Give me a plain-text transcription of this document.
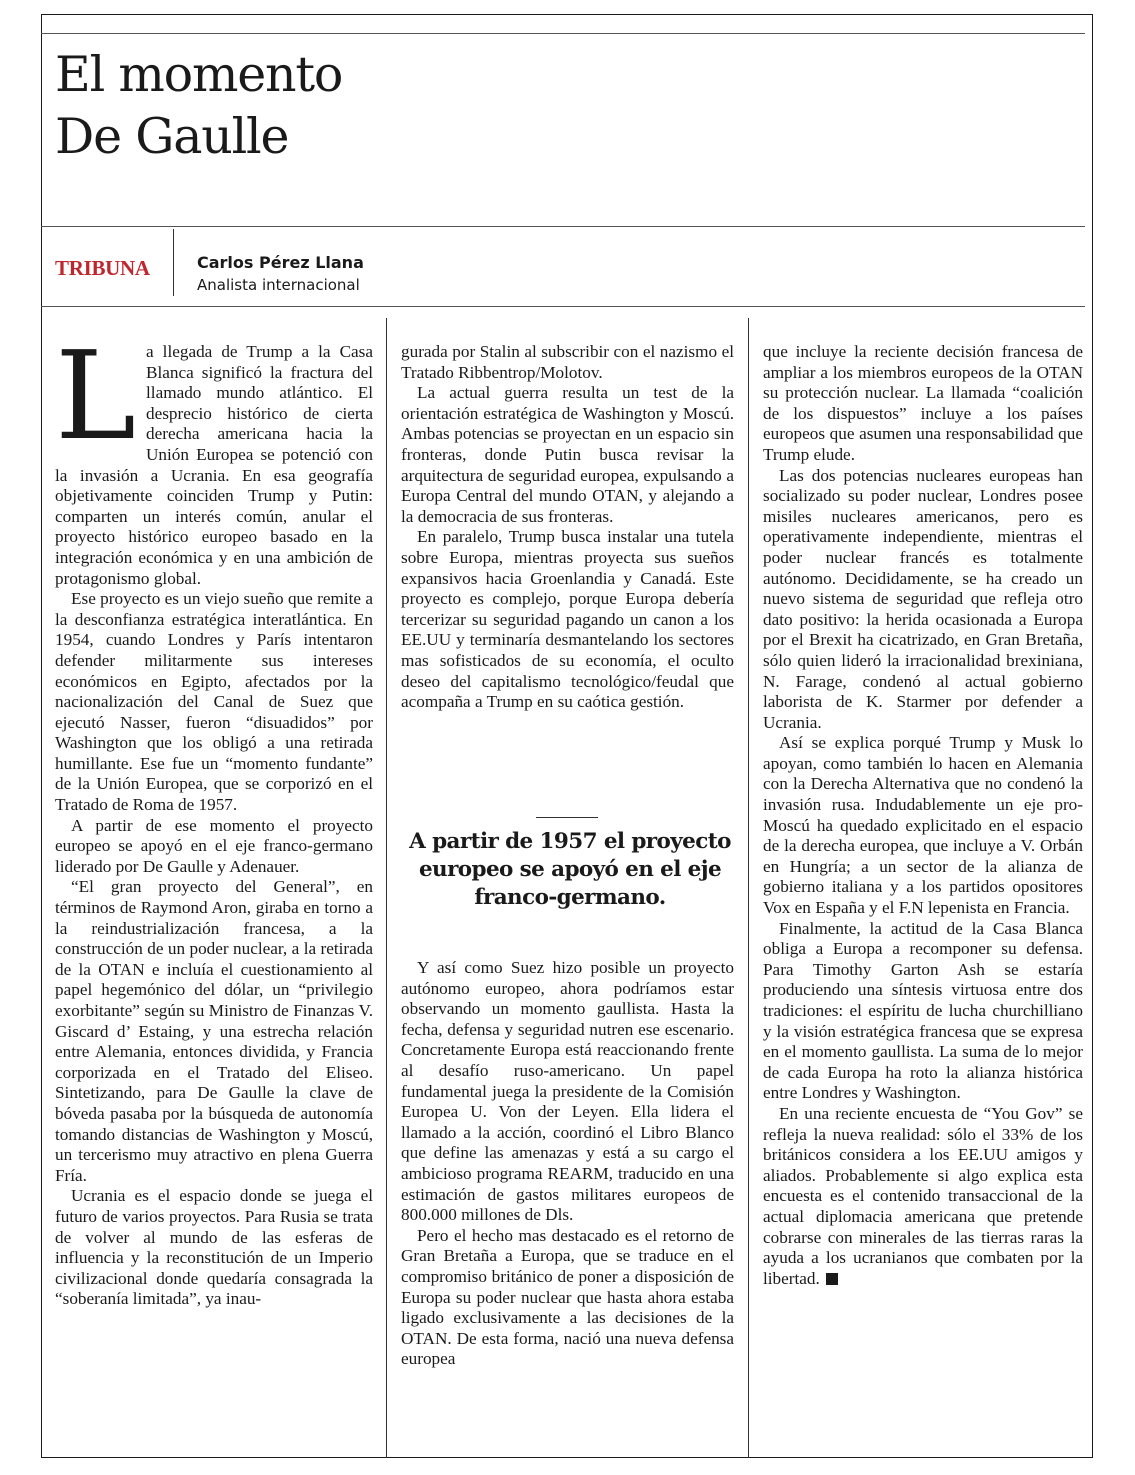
El momento
De Gaulle
TRIBUNA	Carlos Pérez Llana
Analista internacional

La llegada de Trump a la Casa Blanca significó la fractura del llamado mundo atlántico. El desprecio histórico de cierta derecha americana hacia la Unión Europea se potenció con la invasión a Ucrania. En esa geografía objetivamente coinciden Trump y Putin: comparten un interés común, anular el proyecto histórico europeo basado en la integración económica y en una ambición de protagonismo global.

Ese proyecto es un viejo sueño que remite a la desconfianza estratégica interatlántica. En 1954, cuando Londres y París intentaron defender militarmente sus intereses económicos en Egipto, afectados por la nacionalización del Canal de Suez que ejecutó Nasser, fueron “disuadidos” por Washington que los obligó a una retirada humillante. Ese fue un “momento fundante” de la Unión Europea, que se corporizó en el Tratado de Roma de 1957.

A partir de ese momento el proyecto europeo se apoyó en el eje franco-germano liderado por De Gaulle y Adenauer.

“El gran proyecto del General”, en términos de Raymond Aron, giraba en torno a la reindustrialización francesa, a la construcción de un poder nuclear, a la retirada de la OTAN e incluía el cuestionamiento al papel hegemónico del dólar, un “privilegio exorbitante” según su Ministro de Finanzas V. Giscard d’ Estaing, y una estrecha relación entre Alemania, entonces dividida, y Francia corporizada en el Tratado del Eliseo. Sintetizando, para De Gaulle la clave de bóveda pasaba por la búsqueda de autonomía tomando distancias de Washington y Moscú, un tercerismo muy atractivo en plena Guerra Fría.

Ucrania es el espacio donde se juega el futuro de varios proyectos. Para Rusia se trata de volver al mundo de las esferas de influencia y la reconstitución de un Imperio civilizacional donde quedaría consagrada la “soberanía limitada”, ya inau-

gurada por Stalin al subscribir con el nazismo el Tratado Ribbentrop/Molotov.

La actual guerra resulta un test de la orientación estratégica de Washington y Moscú. Ambas potencias se proyectan en un espacio sin fronteras, donde Putin busca revisar la arquitectura de seguridad europea, expulsando a Europa Central del mundo OTAN, y alejando a la democracia de sus fronteras.

En paralelo, Trump busca instalar una tutela sobre Europa, mientras proyecta sus sueños expansivos hacia Groenlandia y Canadá. Este proyecto es complejo, porque Europa debería tercerizar su seguridad pagando un canon a los EE.UU y terminaría desmantelando los sectores mas sofisticados de su economía, el oculto deseo del capitalismo tecnológico/feudal que acompaña a Trump en su caótica gestión.

A partir de 1957 el proyecto europeo se apoyó en el eje franco-germano.

Y así como Suez hizo posible un proyecto autónomo europeo, ahora podríamos estar observando un momento gaullista. Hasta la fecha, defensa y seguridad nutren ese escenario. Concretamente Europa está reaccionando frente al desafío ruso-americano. Un papel fundamental juega la presidente de la Comisión Europea U. Von der Leyen. Ella lidera el llamado a la acción, coordinó el Libro Blanco que define las amenazas y está a su cargo el ambicioso programa REARM, traducido en una estimación de gastos militares europeos de 800.000 millones de Dls.

Pero el hecho mas destacado es el retorno de Gran Bretaña a Europa, que se traduce en el compromiso británico de poner a disposición de Europa su poder nuclear que hasta ahora estaba ligado exclusivamente a las decisiones de la OTAN. De esta forma, nació una nueva defensa europea

que incluye la reciente decisión francesa de ampliar a los miembros europeos de la OTAN su protección nuclear. La llamada “coalición de los dispuestos” incluye a los países europeos que asumen una responsabilidad que Trump elude.

Las dos potencias nucleares europeas han socializado su poder nuclear, Londres posee misiles nucleares americanos, pero es operativamente independiente, mientras el poder nuclear francés es totalmente autónomo. Decididamente, se ha creado un nuevo sistema de seguridad que refleja otro dato positivo: la herida ocasionada a Europa por el Brexit ha cicatrizado, en Gran Bretaña, sólo quien lideró la irracionalidad brexiniana, N. Farage, condenó al actual gobierno laborista de K. Starmer por defender a Ucrania.

Así se explica porqué Trump y Musk lo apoyan, como también lo hacen en Alemania con la Derecha Alternativa que no condenó la invasión rusa. Indudablemente un eje pro-Moscú ha quedado explicitado en el espacio de la derecha europea, que incluye a V. Orbán en Hungría; a un sector de la alianza de gobierno italiana y a los partidos opositores Vox en España y el F.N lepenista en Francia.

Finalmente, la actitud de la Casa Blanca obliga a Europa a recomponer su defensa. Para Timothy Garton Ash se estaría produciendo una síntesis virtuosa entre dos tradiciones: el espíritu de lucha churchilliano y la visión estratégica francesa que se expresa en el momento gaullista. La suma de lo mejor de cada Europa ha roto la alianza histórica entre Londres y Washington.

En una reciente encuesta de “You Gov” se refleja la nueva realidad: sólo el 33% de los británicos considera a los EE.UU amigos y aliados. Probablemente si algo explica esta encuesta es el contenido transaccional de la actual diplomacia americana que pretende cobrarse con minerales de las tierras raras la ayuda a los ucranianos que combaten por la libertad.
